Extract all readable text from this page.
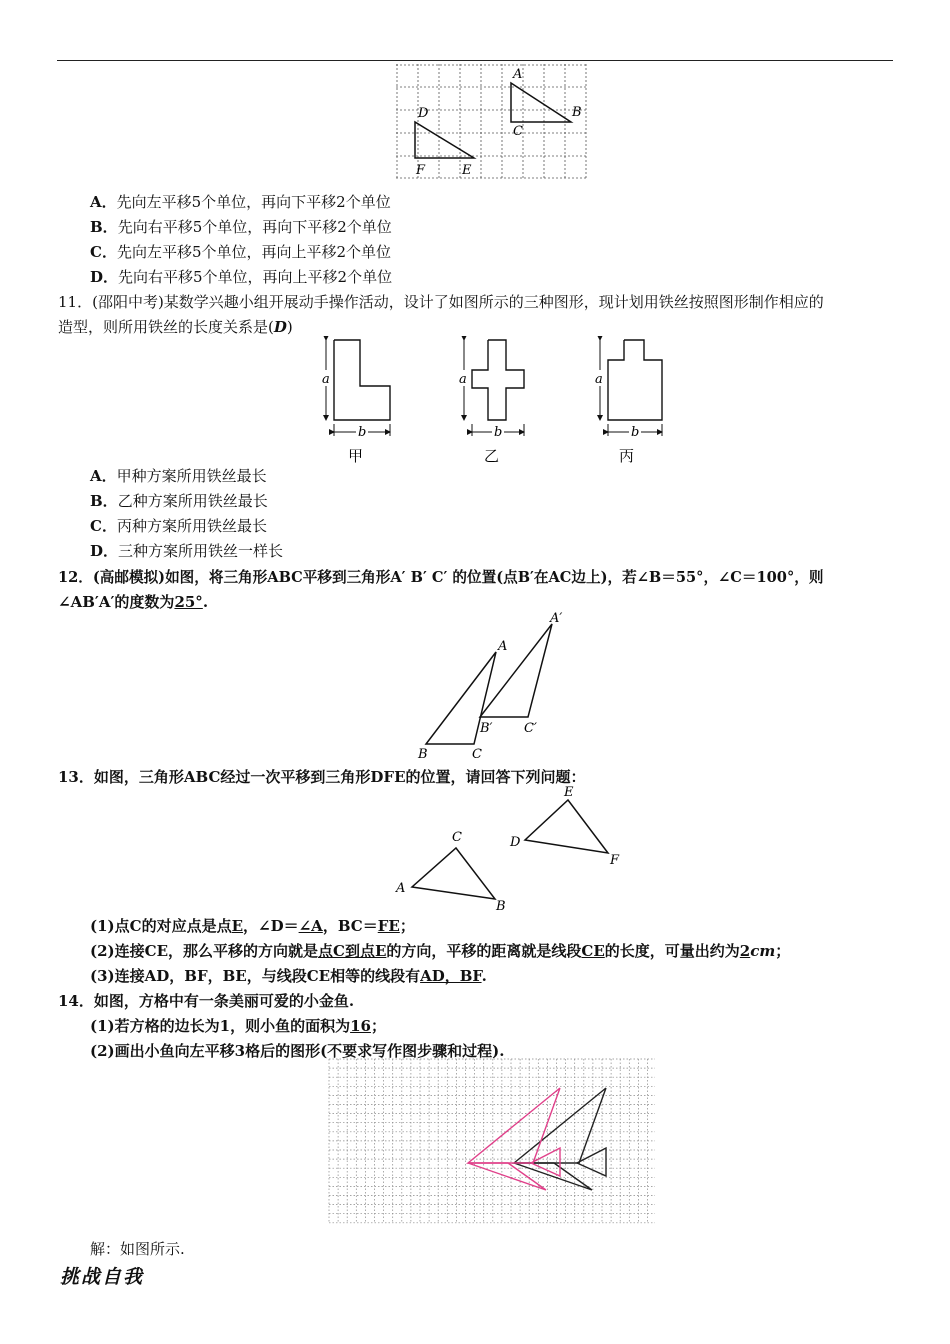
A
B
C
D
E
F
A．先向左平移5个单位，再向下平移2个单位
B．先向右平移5个单位，再向下平移2个单位
C．先向左平移5个单位，再向上平移2个单位
D．先向右平移5个单位，再向上平移2个单位
11．(邵阳中考)某数学兴趣小组开展动手操作活动，设计了如图所示的三种图形，现计划用铁丝按照图形制作相应的
造型，则所用铁丝的长度关系是(D)
a
b
a
b
a
b
甲	乙	丙
A．甲种方案所用铁丝最长
B．乙种方案所用铁丝最长
C．丙种方案所用铁丝最长
D．三种方案所用铁丝一样长
12．(高邮模拟)如图，将三角形ABC平移到三角形A′ B′ C′ 的位置(点B′在AC边上)，若∠B＝55°，∠C＝100°，则
∠AB′A′的度数为25°.
A
A′
B
B′
C
C′
13．如图，三角形ABC经过一次平移到三角形DFE的位置，请回答下列问题：
A
B
C	D
E
F
(1)点C的对应点是点E，∠D＝∠A，BC＝FE；
(2)连接CE，那么平移的方向就是点C到点E的方向，平移的距离就是线段CE的长度，可量出约为2cm；
(3)连接AD，BF，BE，与线段CE相等的线段有AD，BF.
14．如图，方格中有一条美丽可爱的小金鱼.
(1)若方格的边长为1，则小鱼的面积为16；
(2)画出小鱼向左平移3格后的图形(不要求写作图步骤和过程).
解：如图所示.
挑战自我
